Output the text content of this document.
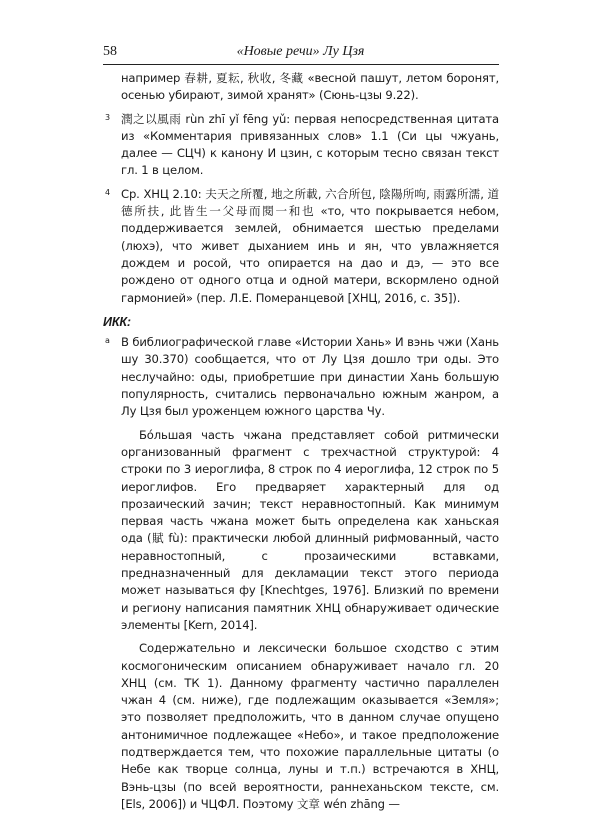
«Новые речи» Лу Цзя
58

например 春耕, 夏耘, 秋收, 冬藏 «весной пашут, летом боронят, осенью убирают, зимой хранят» (Сюнь-цзы 9.22).

3 潤之以風雨 rùn zhī yǐ fēng yǔ: первая непосредственная цитата из «Комментария привязанных слов» 1.1 (Си цы чжуань, далее — СЦЧ) к канону И цзин, с которым тесно связан текст гл. 1 в целом.

4 Ср. ХНЦ 2.10: 夫天之所覆, 地之所載, 六合所包, 陰陽所呴, 雨露所濡, 道德所扶, 此皆生一父母而閱一和也 «то, что покрывается небом, поддерживается землей, обнимается шестью пределами (люхэ), что живет дыханием инь и ян, что увлажняется дождем и росой, что опирается на дао и дэ, — это все рождено от одного отца и одной матери, вскормлено одной гармонией» (пер. Л.Е. Померанцевой [ХНЦ, 2016, с. 35]).

ИКК:

a В библиографической главе «Истории Хань» И вэнь чжи (Хань шу 30.370) сообщается, что от Лу Цзя дошло три оды. Это неслучайно: оды, приобретшие при династии Хань большую популярность, считались первоначально южным жанром, а Лу Цзя был уроженцем южного царства Чу.

Бóльшая часть чжана представляет собой ритмически организованный фрагмент с трехчастной структурой: 4 строки по 3 иероглифа, 8 строк по 4 иероглифа, 12 строк по 5 иероглифов. Его предваряет характерный для од прозаический зачин; текст неравностопный. Как минимум первая часть чжана может быть определена как ханьская ода (賦 fù): практически любой длинный рифмованный, часто неравностопный, с прозаическими вставками, предназначенный для декламации текст этого периода может называться фу [Knechtges, 1976]. Близкий по времени и региону написания памятник ХНЦ обнаруживает одические элементы [Kern, 2014].

Содержательно и лексически большое сходство с этим космогоническим описанием обнаруживает начало гл. 20 ХНЦ (см. ТК 1). Данному фрагменту частично параллелен чжан 4 (см. ниже), где подлежащим оказывается «Земля»; это позволяет предположить, что в данном случае опущено антонимичное подлежащее «Небо», и такое предположение подтверждается тем, что похожие параллельные цитаты (о Небе как творце солнца, луны и т.п.) встречаются в ХНЦ, Вэнь-цзы (по всей вероятности, раннеханьском тексте, см. [Els, 2006]) и ЧЦФЛ. Поэтому 文章 wén zhāng —
